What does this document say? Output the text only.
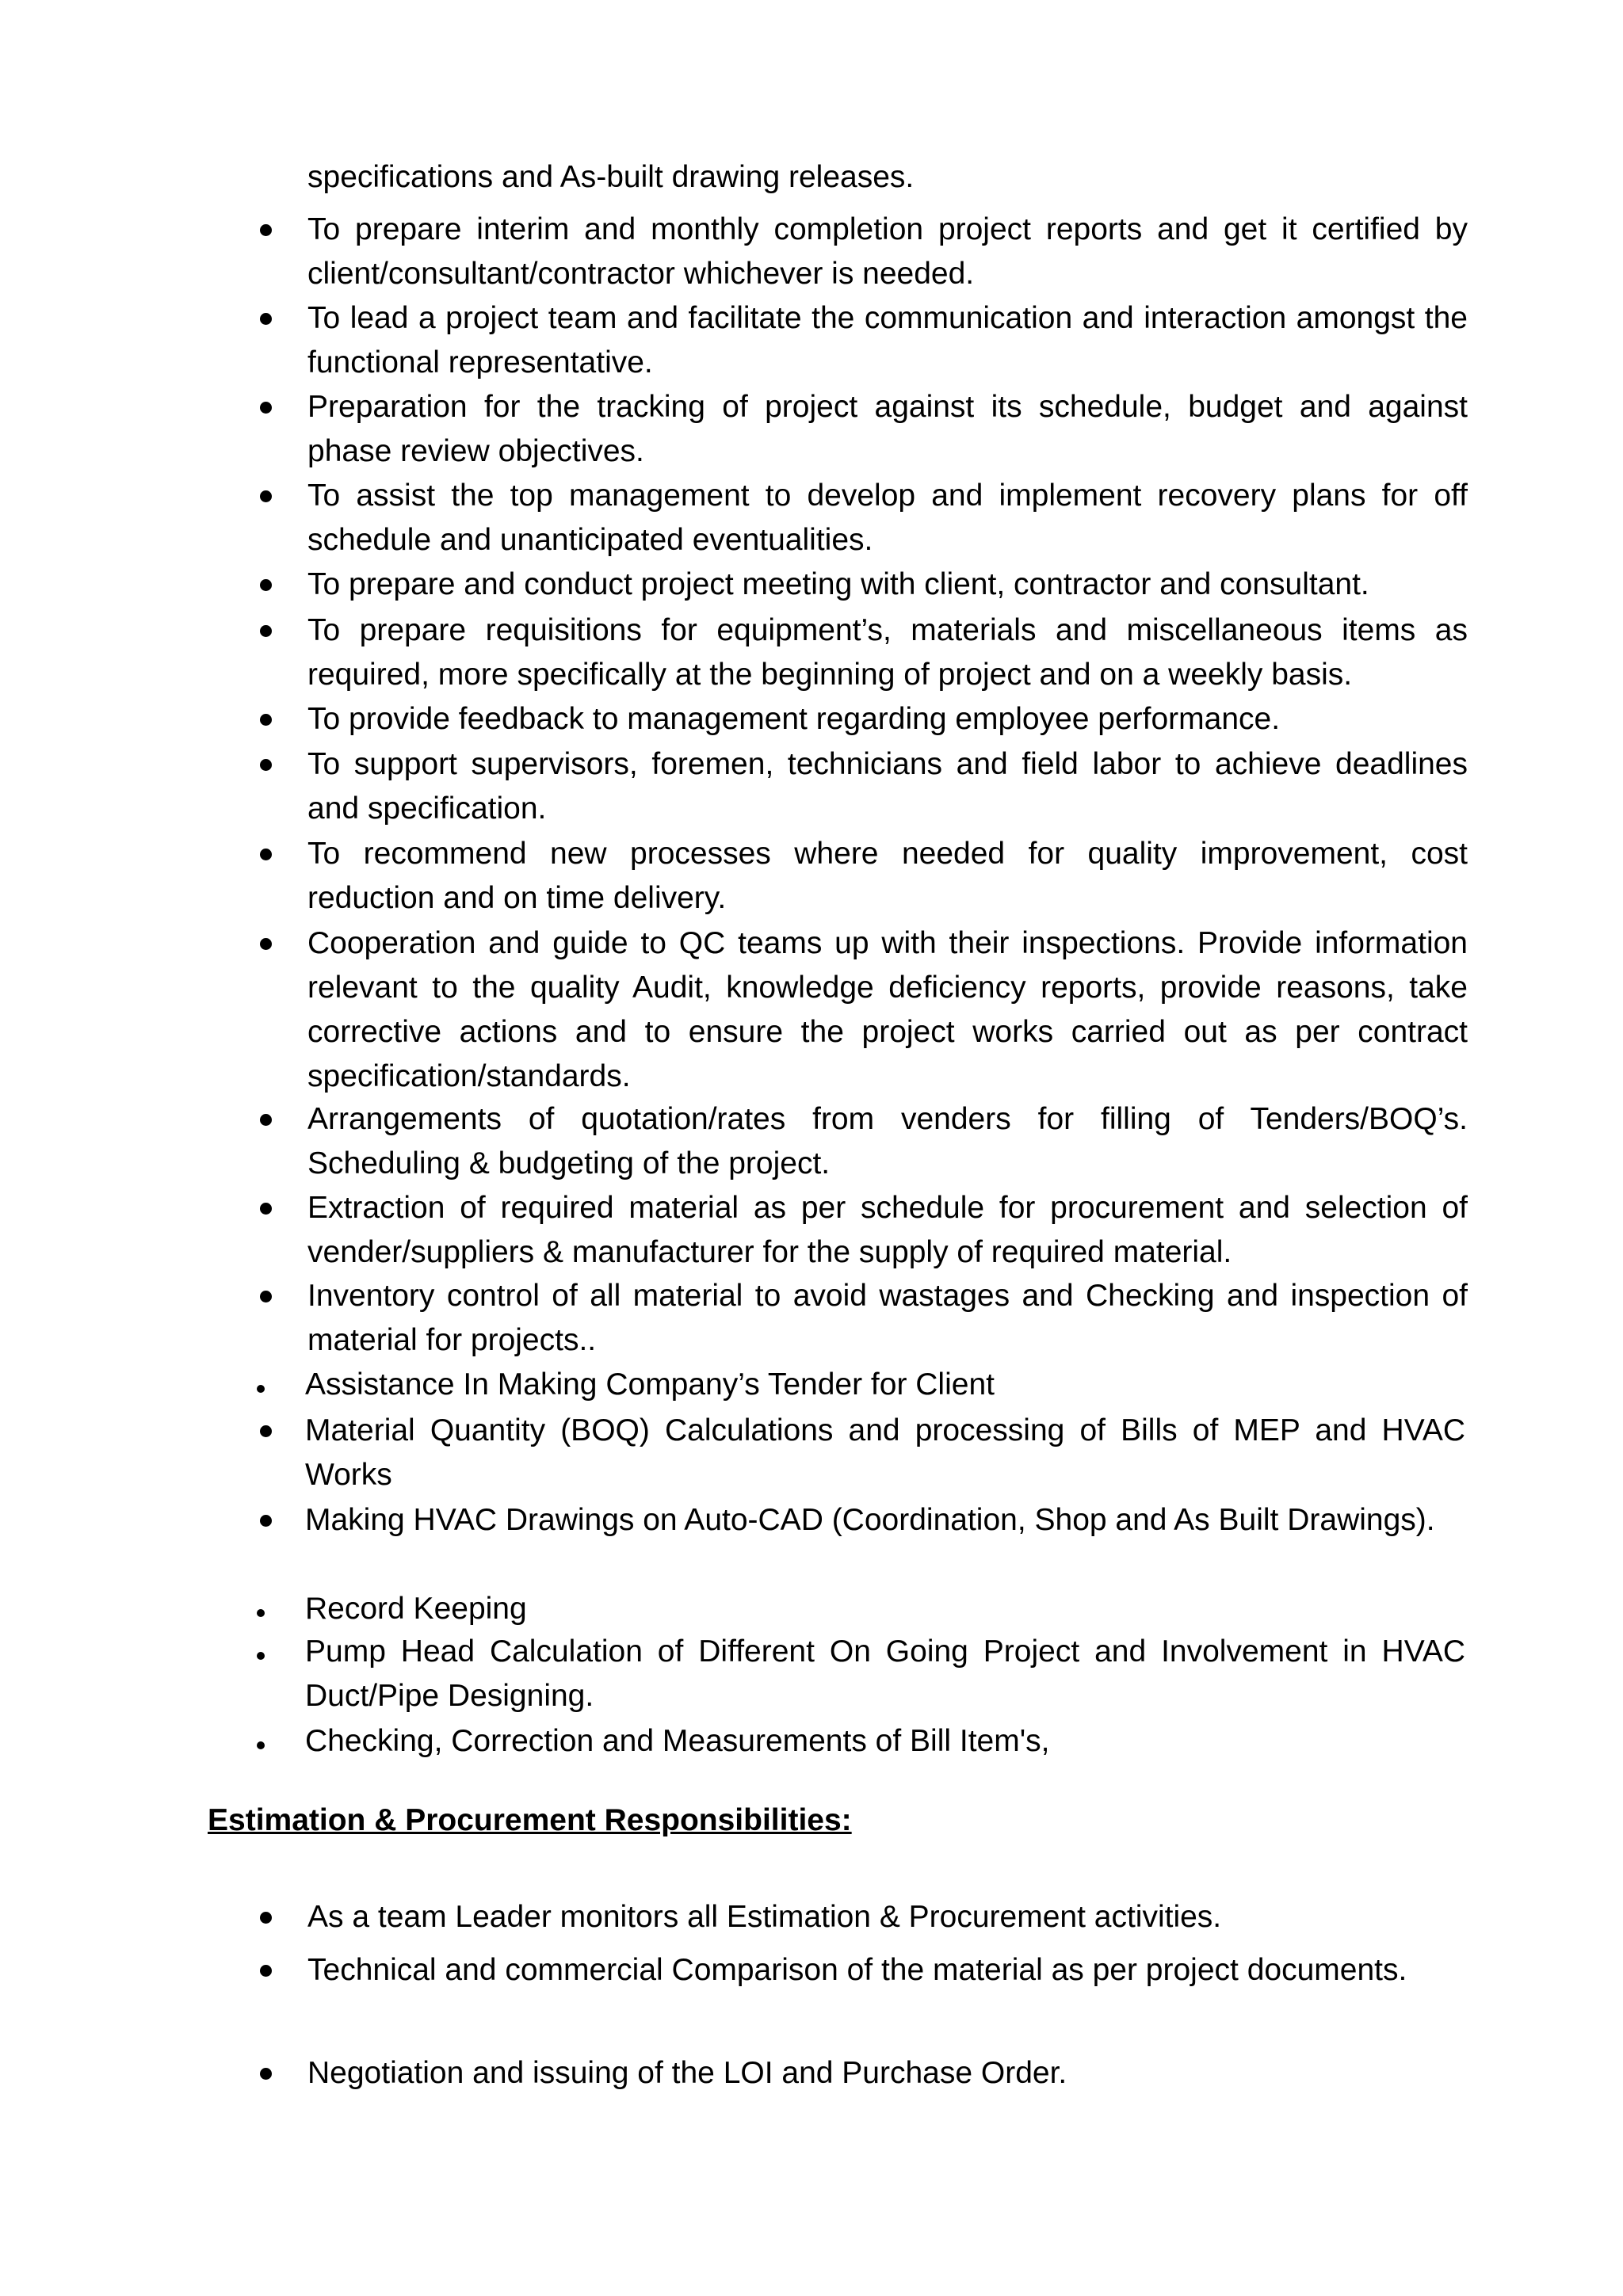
specifications and As-built drawing releases.

To prepare interim and monthly completion project reports and get it certified by client/consultant/contractor whichever is needed.

To lead a project team and facilitate the communication and interaction amongst the functional representative.

Preparation for the tracking of project against its schedule, budget and against phase review objectives.

To assist the top management to develop and implement recovery plans for off schedule and unanticipated eventualities.

To prepare and conduct project meeting with client, contractor and consultant.

To prepare requisitions for equipment’s, materials and miscellaneous items as required, more specifically at the beginning of project and on a weekly basis.

To provide feedback to management regarding employee performance.

To support supervisors, foremen, technicians and field labor to achieve deadlines and specification.

To recommend new processes where needed for quality improvement, cost reduction and on time delivery.

Cooperation and guide to QC teams up with their inspections. Provide information relevant to the quality Audit, knowledge deficiency reports, provide reasons, take corrective actions and to ensure the project works carried out as per contract specification/standards.

Arrangements of quotation/rates from venders for filling of Tenders/BOQ’s. Scheduling & budgeting of the project.

Extraction of required material as per schedule for procurement and selection of vender/suppliers & manufacturer for the supply of required material.

Inventory control of all material to avoid wastages and Checking and inspection of material for projects..

Assistance In Making Company’s Tender for Client

Material Quantity (BOQ) Calculations and processing of Bills of MEP and HVAC Works

Making HVAC Drawings on Auto-CAD (Coordination, Shop and As Built Drawings).

Record Keeping

Pump Head Calculation of Different On Going Project and Involvement in HVAC Duct/Pipe Designing.

Checking, Correction and Measurements of Bill Item's,

Estimation & Procurement Responsibilities:

As a team Leader monitors all Estimation & Procurement activities.

Technical and commercial Comparison of the material as per project documents.

Negotiation and issuing of the LOI and Purchase Order.
